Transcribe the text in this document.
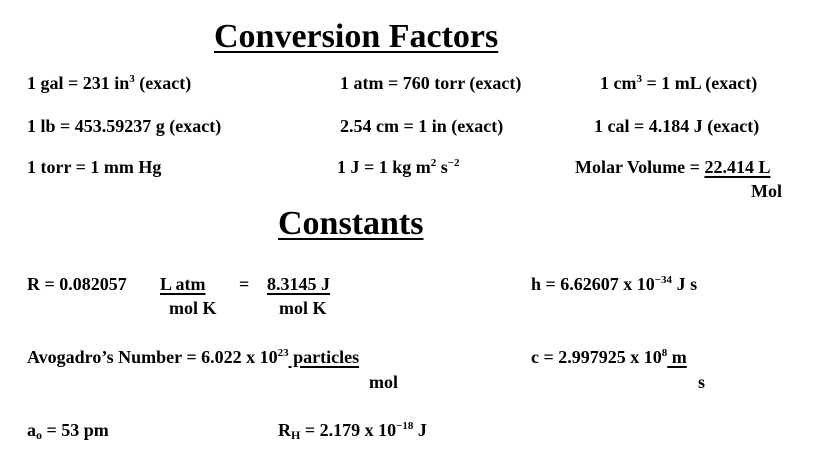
Conversion Factors
1 gal = 231 $in^3$ (exact)	1 atm = 760 torr (exact)	1 $cm^3 = 1$ mL (exact)
1 lb = 453.59237 g (exact)	2.54 cm = 1 in (exact)	1 cal = 4.184 J (exact)
1 torr = 1 mm Hg	1 J = 1 kg $m^2$ $s^{-2}$	Molar Volume = 22.414 L
Mol
Constants
R = 0.082057 L atm
mol K
= 8.3145 J
mol K
h = 6.62607 x $10^{-34}$ J s
Avogadro’s Number = 6.022 x $10^{23}$ particles
mol
c = 2.997925 x $10^8$ m
s
$a_o = 53$ pm	$R_H = 2.179$ x $10^{-18}$ J
